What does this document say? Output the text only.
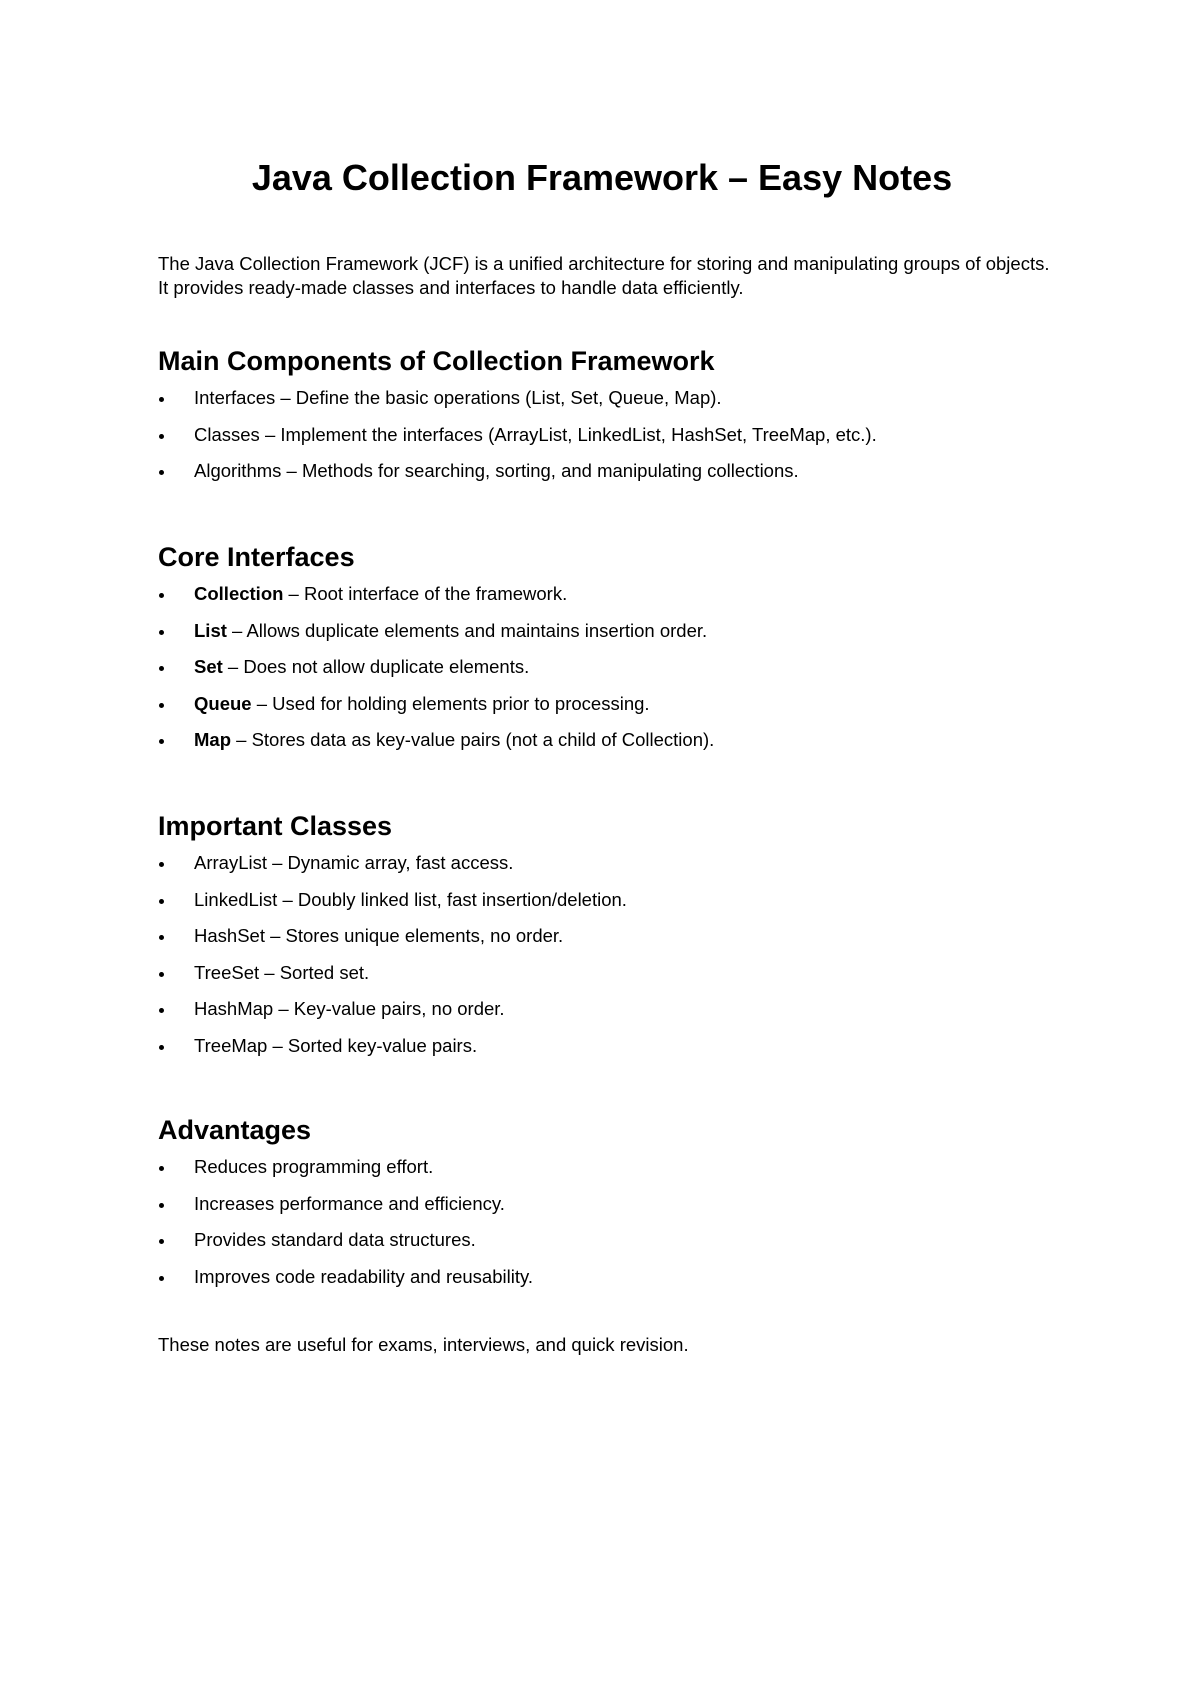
Java Collection Framework – Easy Notes

The Java Collection Framework (JCF) is a unified architecture for storing and manipulating groups of objects. It provides ready-made classes and interfaces to handle data efficiently.

Main Components of Collection Framework
Interfaces – Define the basic operations (List, Set, Queue, Map).
Classes – Implement the interfaces (ArrayList, LinkedList, HashSet, TreeMap, etc.).
Algorithms – Methods for searching, sorting, and manipulating collections.
Core Interfaces
Collection – Root interface of the framework.
List – Allows duplicate elements and maintains insertion order.
Set – Does not allow duplicate elements.
Queue – Used for holding elements prior to processing.
Map – Stores data as key-value pairs (not a child of Collection).
Important Classes
ArrayList – Dynamic array, fast access.
LinkedList – Doubly linked list, fast insertion/deletion.
HashSet – Stores unique elements, no order.
TreeSet – Sorted set.
HashMap – Key-value pairs, no order.
TreeMap – Sorted key-value pairs.
Advantages
Reduces programming effort.
Increases performance and efficiency.
Provides standard data structures.
Improves code readability and reusability.

These notes are useful for exams, interviews, and quick revision.
